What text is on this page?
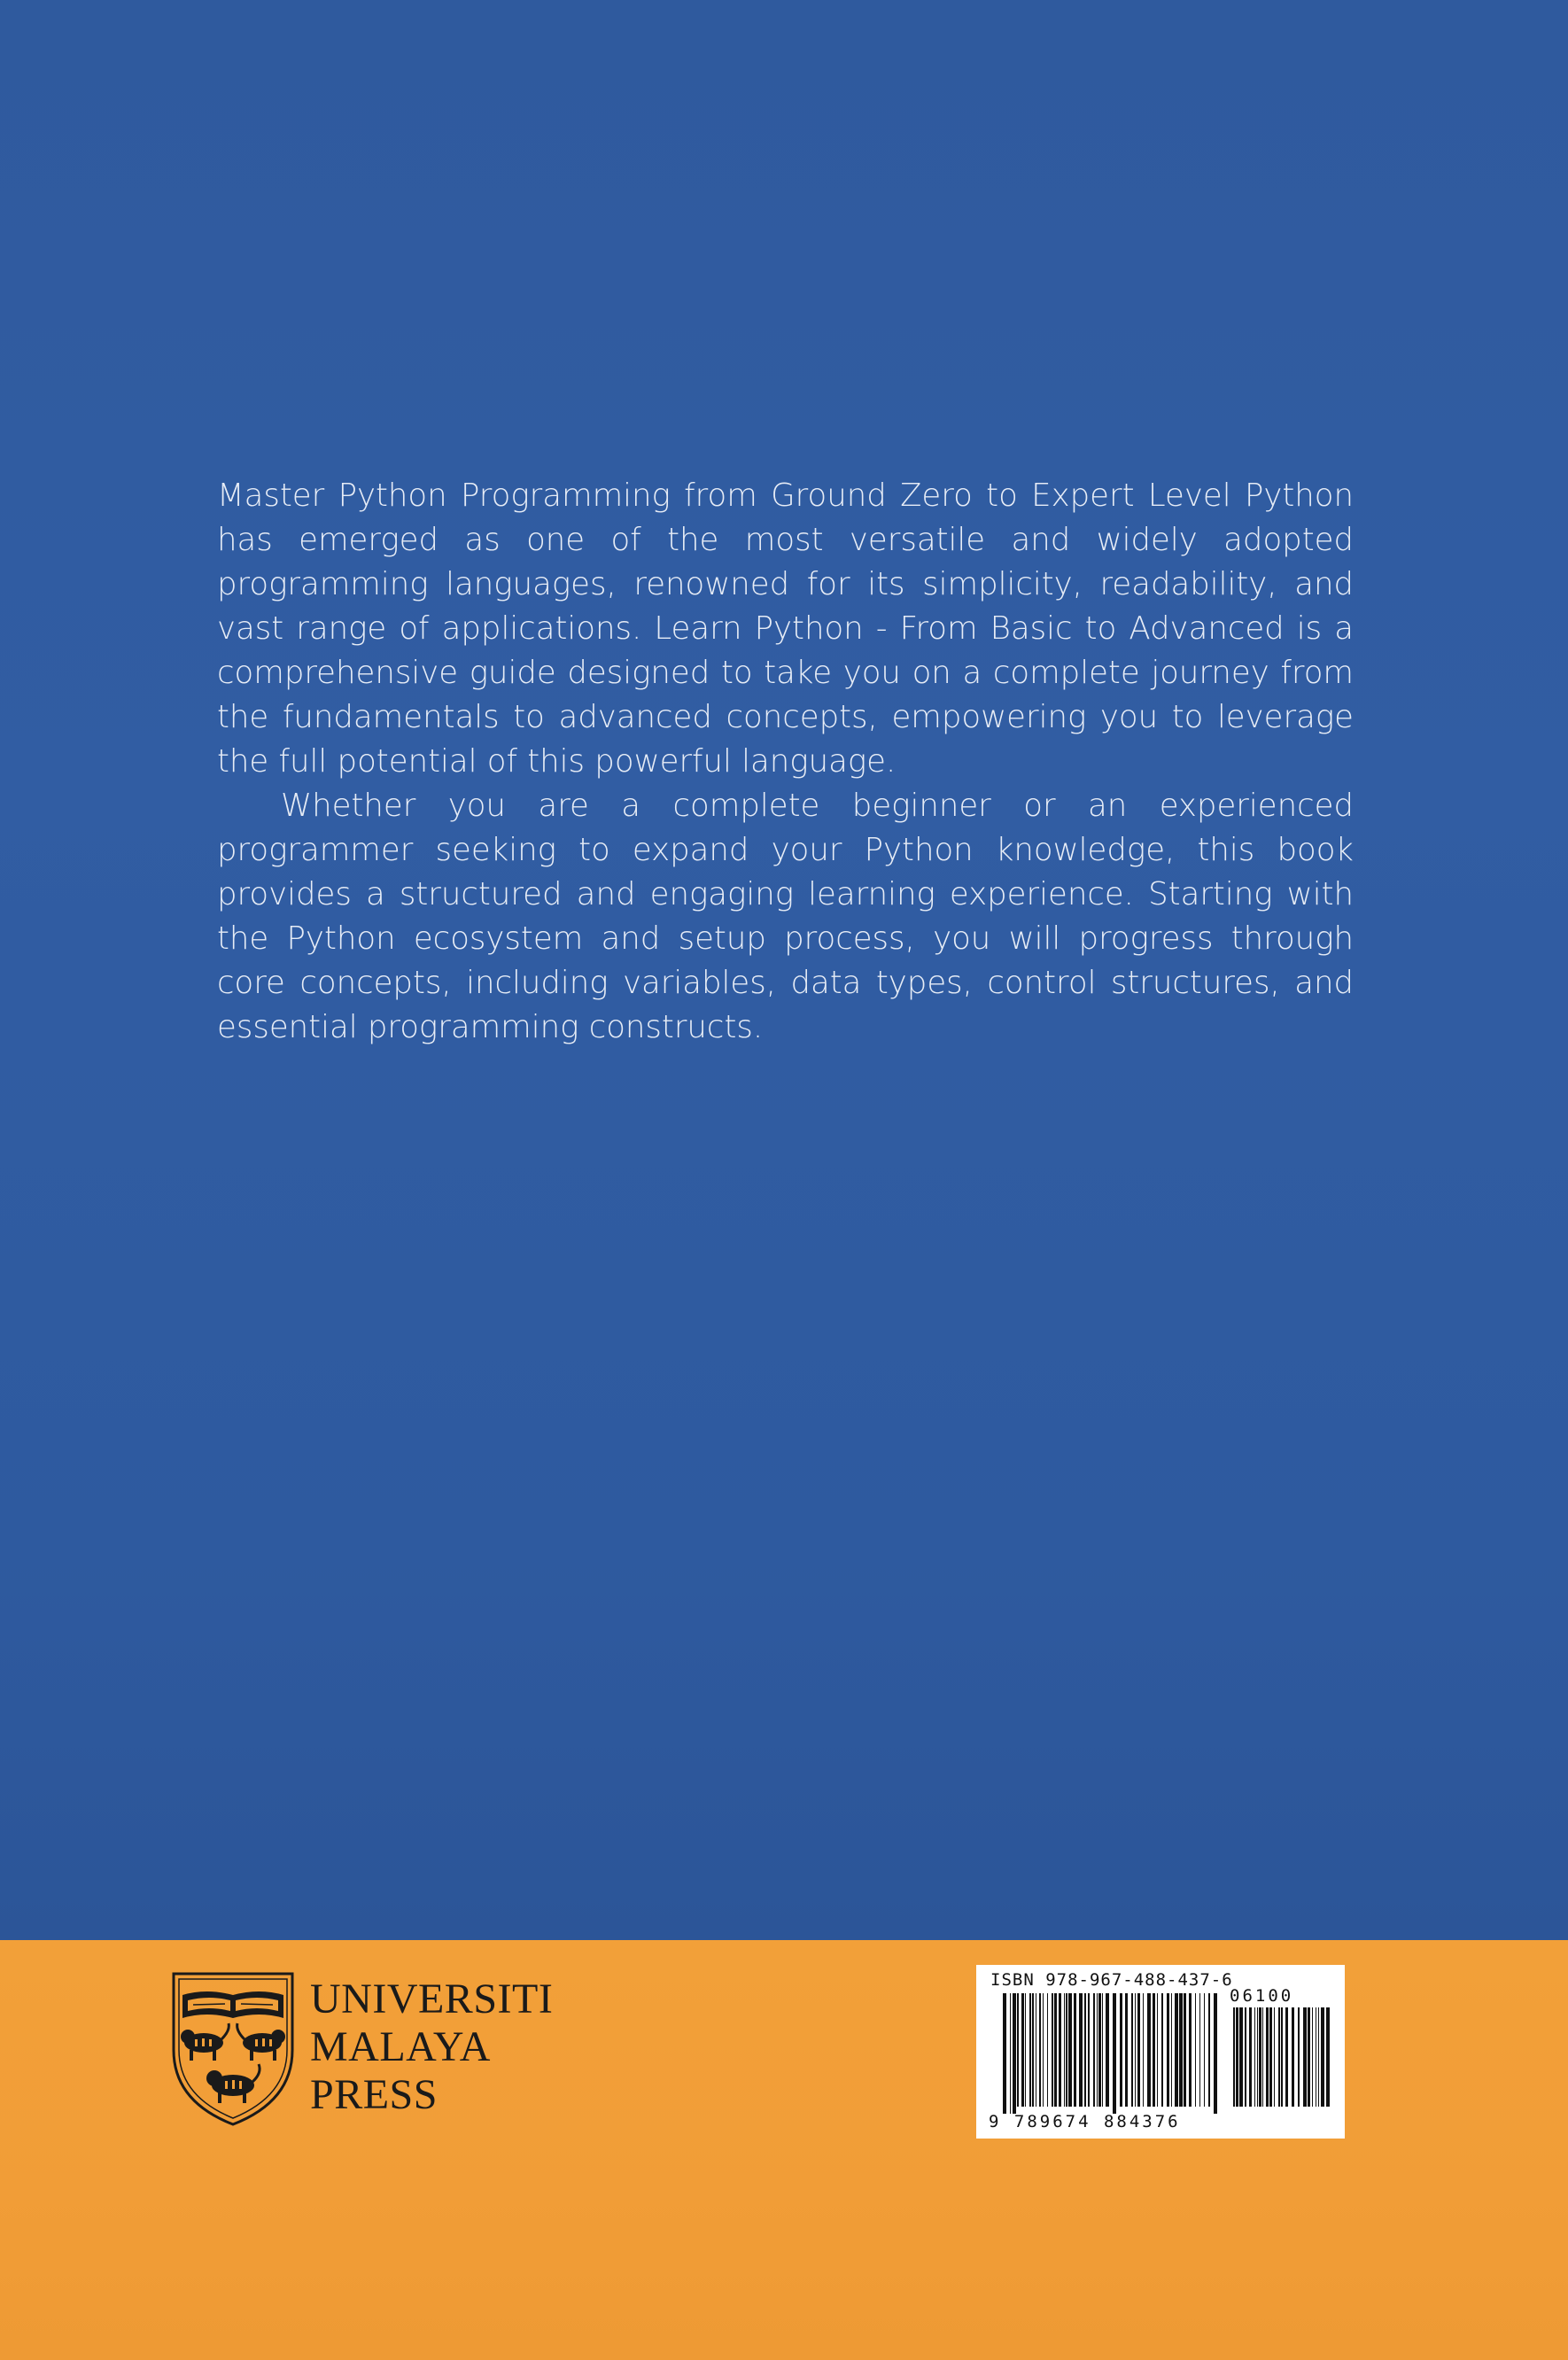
Master Python Programming from Ground Zero to Expert Level Python has emerged as one of the most versatile and widely adopted programming languages, renowned for its simplicity, readability, and vast range of applications. Learn Python - From Basic to Advanced is a comprehensive guide designed to take you on a complete journey from the fundamentals to advanced concepts, empowering you to leverage the full potential of this powerful language.

Whether you are a complete beginner or an experienced programmer seeking to expand your Python knowledge, this book provides a structured and engaging learning experience. Starting with the Python ecosystem and setup process, you will progress through core concepts, including variables, data types, control structures, and essential programming constructs.

UNIVERSITI
MALAYA
PRESS
ISBN 978-967-488-437-6
06100
9 789674 884376
